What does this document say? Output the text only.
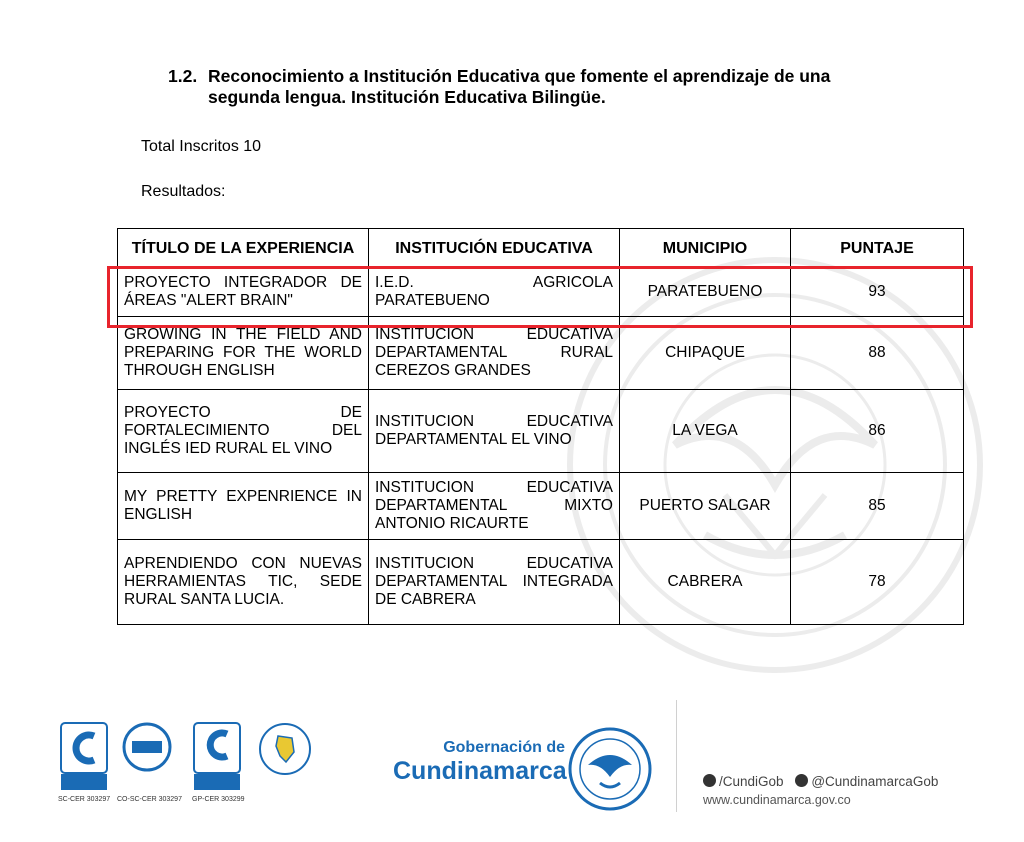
1.2. Reconocimiento a Institución Educativa que fomente el aprendizaje de una
segunda lengua. Institución Educativa Bilingüe.
Total Inscritos 10
Resultados:
TÍTULO DE LA EXPERIENCIA	INSTITUCIÓN EDUCATIVA	MUNICIPIO	PUNTAJE
PROYECTO INTEGRADOR DE ÁREAS "ALERT BRAIN"	I.E.D. AGRICOLA PARATEBUENO	PARATEBUENO	93
GROWING IN THE FIELD AND PREPARING FOR THE WORLD THROUGH ENGLISH	INSTITUCION EDUCATIVA DEPARTAMENTAL RURAL CEREZOS GRANDES	CHIPAQUE	88
PROYECTO DE FORTALECIMIENTO DEL INGLÉS IED RURAL EL VINO	INSTITUCION EDUCATIVA DEPARTAMENTAL EL VINO	LA VEGA	86
MY PRETTY EXPENRIENCE IN ENGLISH	INSTITUCION EDUCATIVA DEPARTAMENTAL MIXTO ANTONIO RICAURTE	PUERTO SALGAR	85
APRENDIENDO CON NUEVAS HERRAMIENTAS TIC, SEDE RURAL SANTA LUCIA.	INSTITUCION EDUCATIVA DEPARTAMENTAL INTEGRADA DE CABRERA	CABRERA	78
SC-CER 303297 CO-SC-CER 303297 GP-CER 303299
Gobernación de
Cundinamarca	/CundiGob @CundinamarcaGob
www.cundinamarca.gov.co
